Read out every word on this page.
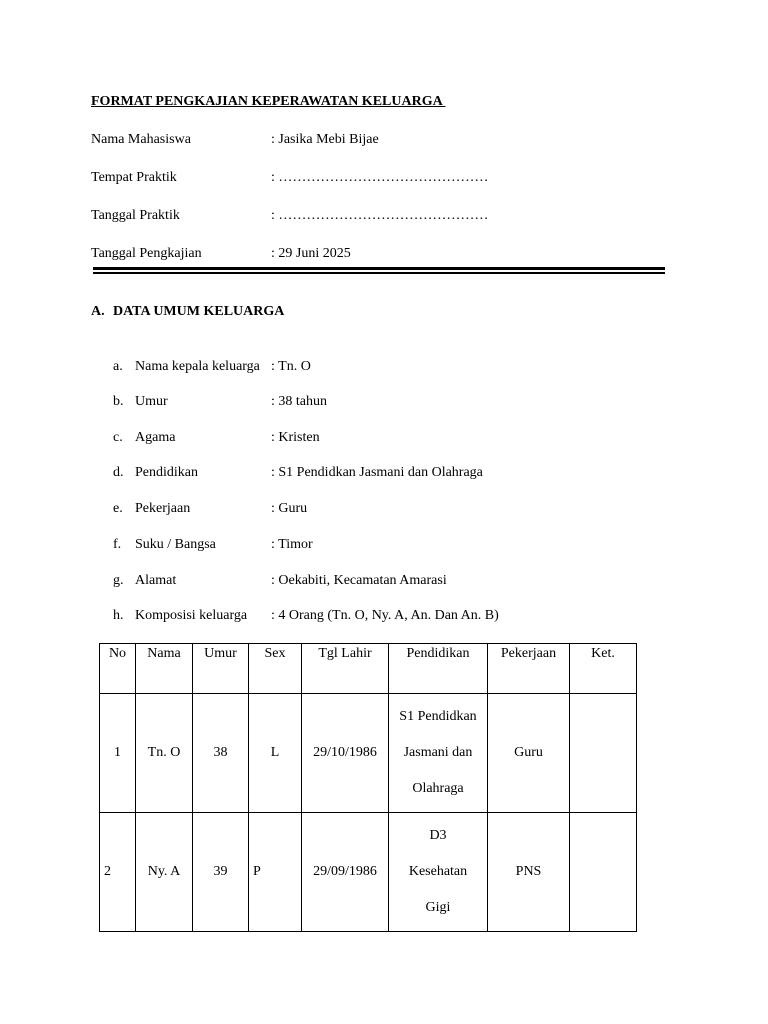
FORMAT PENGKAJIAN KEPERAWATAN KELUARGA
Nama Mahasiswa	: Jasika Mebi Bijae
Tempat Praktik	: ………………………………………
Tanggal Praktik	: ………………………………………
Tanggal Pengkajian	: 29 Juni 2025
A. DATA UMUM KELUARGA
a. Nama kepala keluarga : Tn. O
b. Umur	: 38 tahun
c. Agama	: Kristen
d. Pendidikan	: S1 Pendidkan Jasmani dan Olahraga
e. Pekerjaan	: Guru
f. Suku / Bangsa	: Timor
g. Alamat	: Oekabiti, Kecamatan Amarasi
h. Komposisi keluarga : 4 Orang (Tn. O, Ny. A, An. Dan An. B)
No	Nama	Umur	Sex	Tgl Lahir	Pendidikan	Pekerjaan	Ket.
1	Tn. O	38	L	29/10/1986	S1 Pendidkan
Jasmani dan
Olahraga	Guru	
2	Ny. A	39	P	29/09/1986	D3
Kesehatan
Gigi	PNS	
